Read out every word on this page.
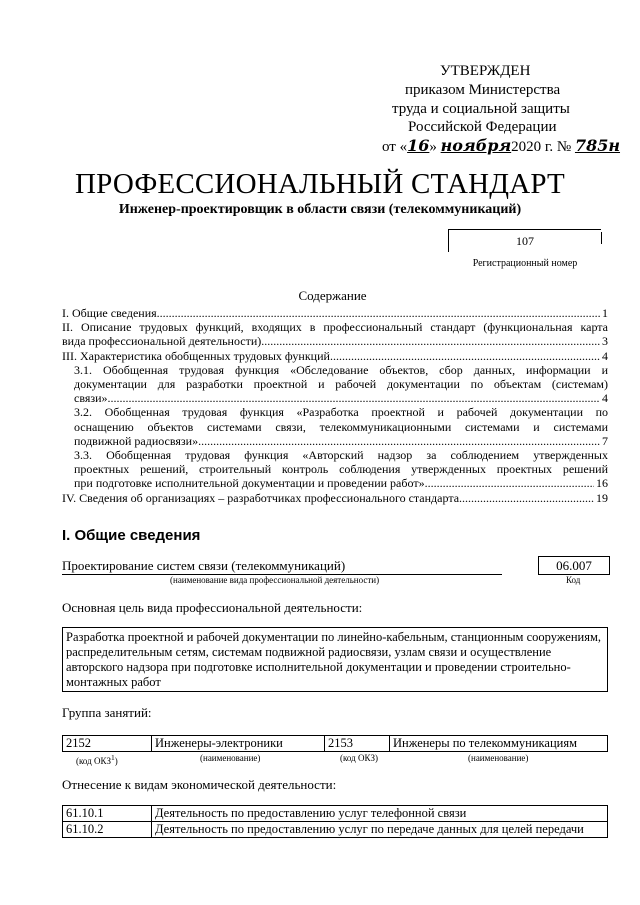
УТВЕРЖДЕН
приказом Министерства
труда и социальной защиты
Российской Федерации
от «16» ноября2020 г. № 785н
ПРОФЕССИОНАЛЬНЫЙ СТАНДАРТ
Инженер-проектировщик в области связи (телекоммуникаций)
107
Регистрационный номер
Содержание
I. Общие сведения .....	1
II. Описание трудовых функций, входящих в профессиональный стандарт (функциональная карта
вида профессиональной деятельности) .....	3
III. Характеристика обобщенных трудовых функций .....	4
3.1. Обобщенная трудовая функция «Обследование объектов, сбор данных, информации и
документации для разработки проектной и рабочей документации по объектам (системам)
связи» .....	4
3.2. Обобщенная трудовая функция «Разработка проектной и рабочей документации по
оснащению объектов системами связи, телекоммуникационными системами и системами
подвижной радиосвязи» .....	7
3.3. Обобщенная трудовая функция «Авторский надзор за соблюдением утвержденных
проектных решений, строительный контроль соблюдения утвержденных проектных решений
при подготовке исполнительной документации и проведении работ» .....	16
IV. Сведения об организациях – разработчиках профессионального стандарта .....	19
I. Общие сведения
Проектирование систем связи (телекоммуникаций)
(наименование вида профессиональной деятельности)
06.007
Код
Основная цель вида профессиональной деятельности:
Разработка проектной и рабочей документации по линейно-кабельным, станционным сооружениям, распределительным сетям, системам подвижной радиосвязи, узлам связи и осуществление авторского надзора при подготовке исполнительной документации и проведении строительно-монтажных работ
Группа занятий:
2152	Инженеры-электроники	2153	Инженеры по телекоммуникациям
(код ОКЗ$^1$)	(наименование)	(код ОКЗ)	(наименование)
Отнесение к видам экономической деятельности:
61.10.1	Деятельность по предоставлению услуг телефонной связи
61.10.2	Деятельность по предоставлению услуг по передаче данных для целей передачи
